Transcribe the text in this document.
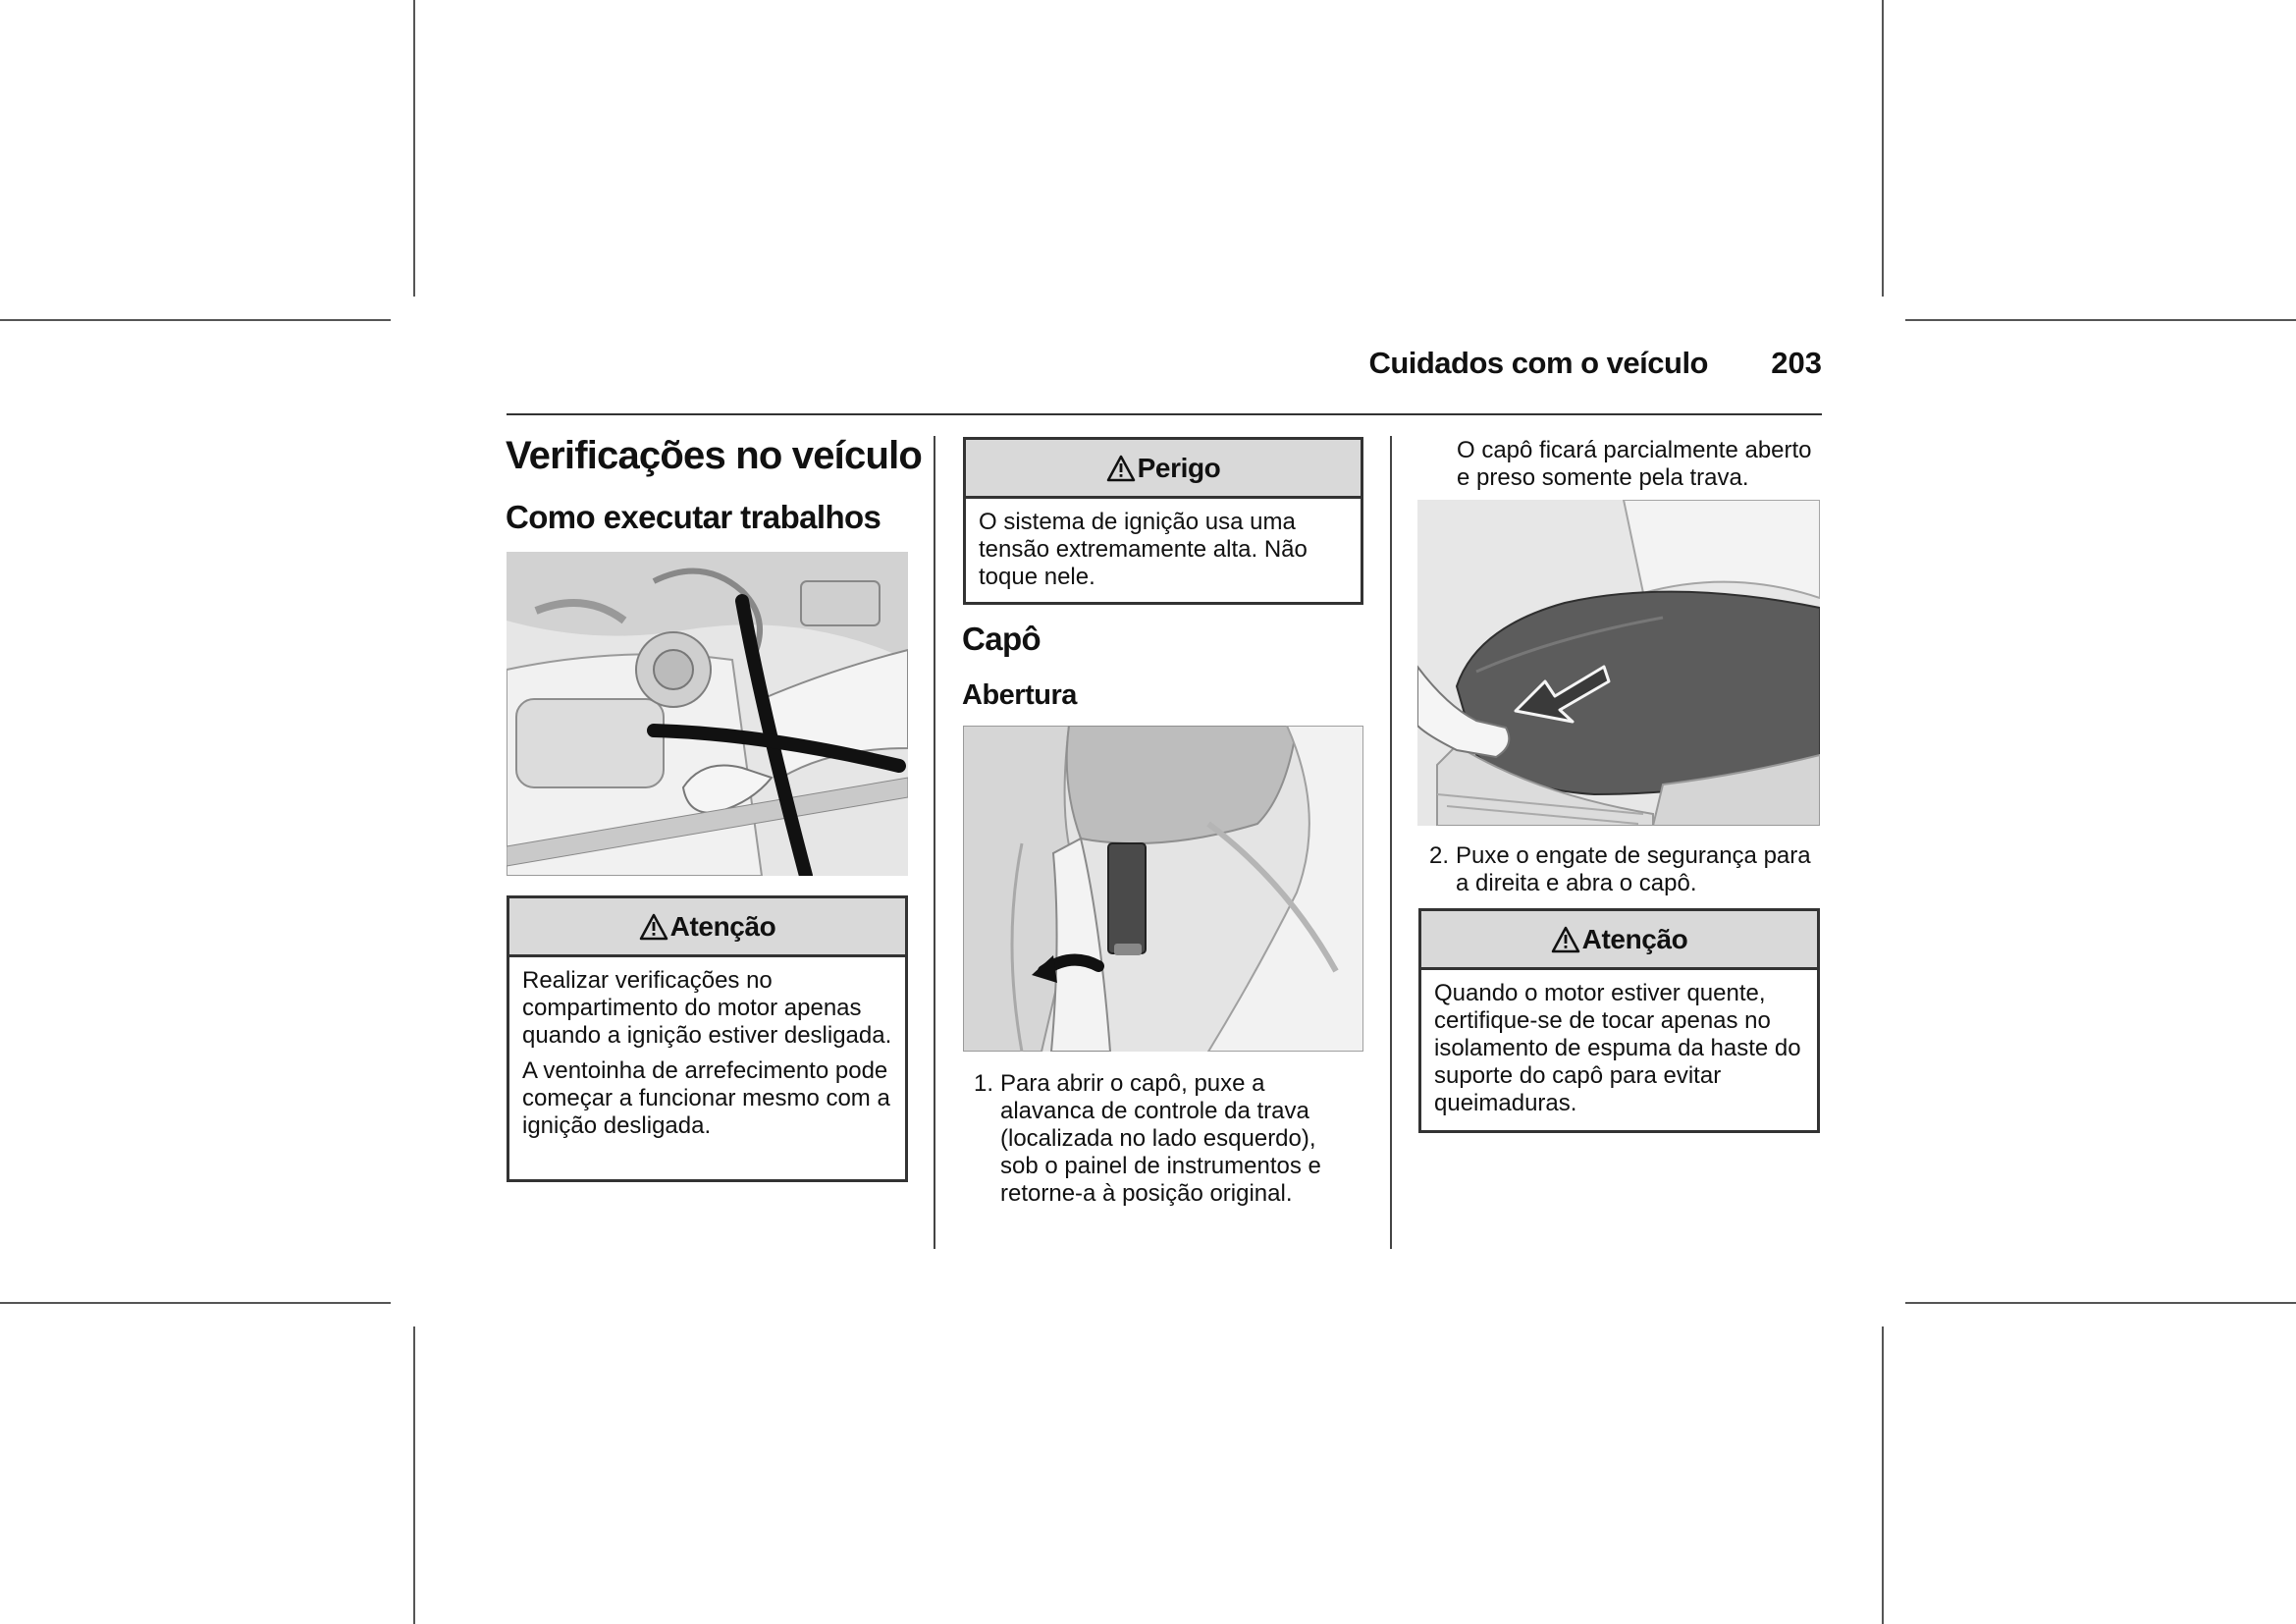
Cuidados com o veículo	203
Verificações no veículo
Como executar trabalhos
Atenção

Realizar verificações no compartimento do motor apenas quando a ignição estiver desligada.

A ventoinha de arrefecimento pode começar a funcionar mesmo com a ignição desligada.

Perigo

O sistema de ignição usa uma tensão extremamente alta. Não toque nele.

Capô
Abertura
1. Para abrir o capô, puxe a alavanca de controle da trava (localizada no lado esquerdo), sob o painel de instrumentos e retorne-a à posição original.
O capô ficará parcialmente aberto e preso somente pela trava.
2. Puxe o engate de segurança para a direita e abra o capô.
Atenção

Quando o motor estiver quente, certifique-se de tocar apenas no isolamento de espuma da haste do suporte do capô para evitar queimaduras.
